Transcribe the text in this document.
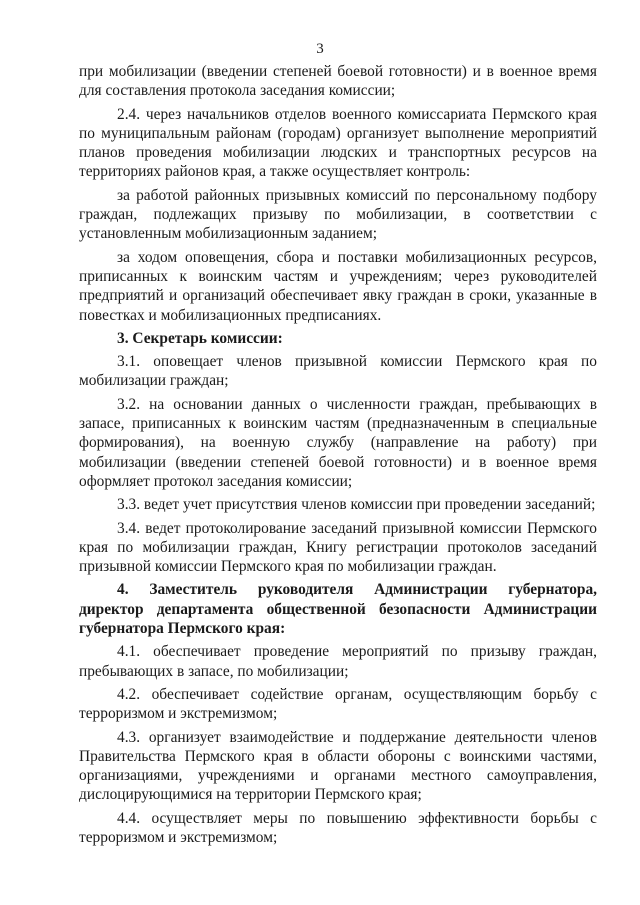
3

при мобилизации (введении степеней боевой готовности) и в военное время для составления протокола заседания комиссии;

2.4. через начальников отделов военного комиссариата Пермского края по муниципальным районам (городам) организует выполнение мероприятий планов проведения мобилизации людских и транспортных ресурсов на территориях районов края, а также осуществляет контроль:

за работой районных призывных комиссий по персональному подбору граждан, подлежащих призыву по мобилизации, в соответствии с установленным мобилизационным заданием;

за ходом оповещения, сбора и поставки мобилизационных ресурсов, приписанных к воинским частям и учреждениям; через руководителей предприятий и организаций обеспечивает явку граждан в сроки, указанные в повестках и мобилизационных предписаниях.

3. Секретарь комиссии:

3.1. оповещает членов призывной комиссии Пермского края по мобилизации граждан;

3.2. на основании данных о численности граждан, пребывающих в запасе, приписанных к воинским частям (предназначенным в специальные формирования), на военную службу (направление на работу) при мобилизации (введении степеней боевой готовности) и в военное время оформляет протокол заседания комиссии;

3.3. ведет учет присутствия членов комиссии при проведении заседаний;

3.4. ведет протоколирование заседаний призывной комиссии Пермского края по мобилизации граждан, Книгу регистрации протоколов заседаний призывной комиссии Пермского края по мобилизации граждан.

4. Заместитель руководителя Администрации губернатора, директор департамента общественной безопасности Администрации губернатора Пермского края:

4.1. обеспечивает проведение мероприятий по призыву граждан, пребывающих в запасе, по мобилизации;

4.2. обеспечивает содействие органам, осуществляющим борьбу с терроризмом и экстремизмом;

4.3. организует взаимодействие и поддержание деятельности членов Правительства Пермского края в области обороны с воинскими частями, организациями, учреждениями и органами местного самоуправления, дислоцирующимися на территории Пермского края;

4.4. осуществляет меры по повышению эффективности борьбы с терроризмом и экстремизмом;
